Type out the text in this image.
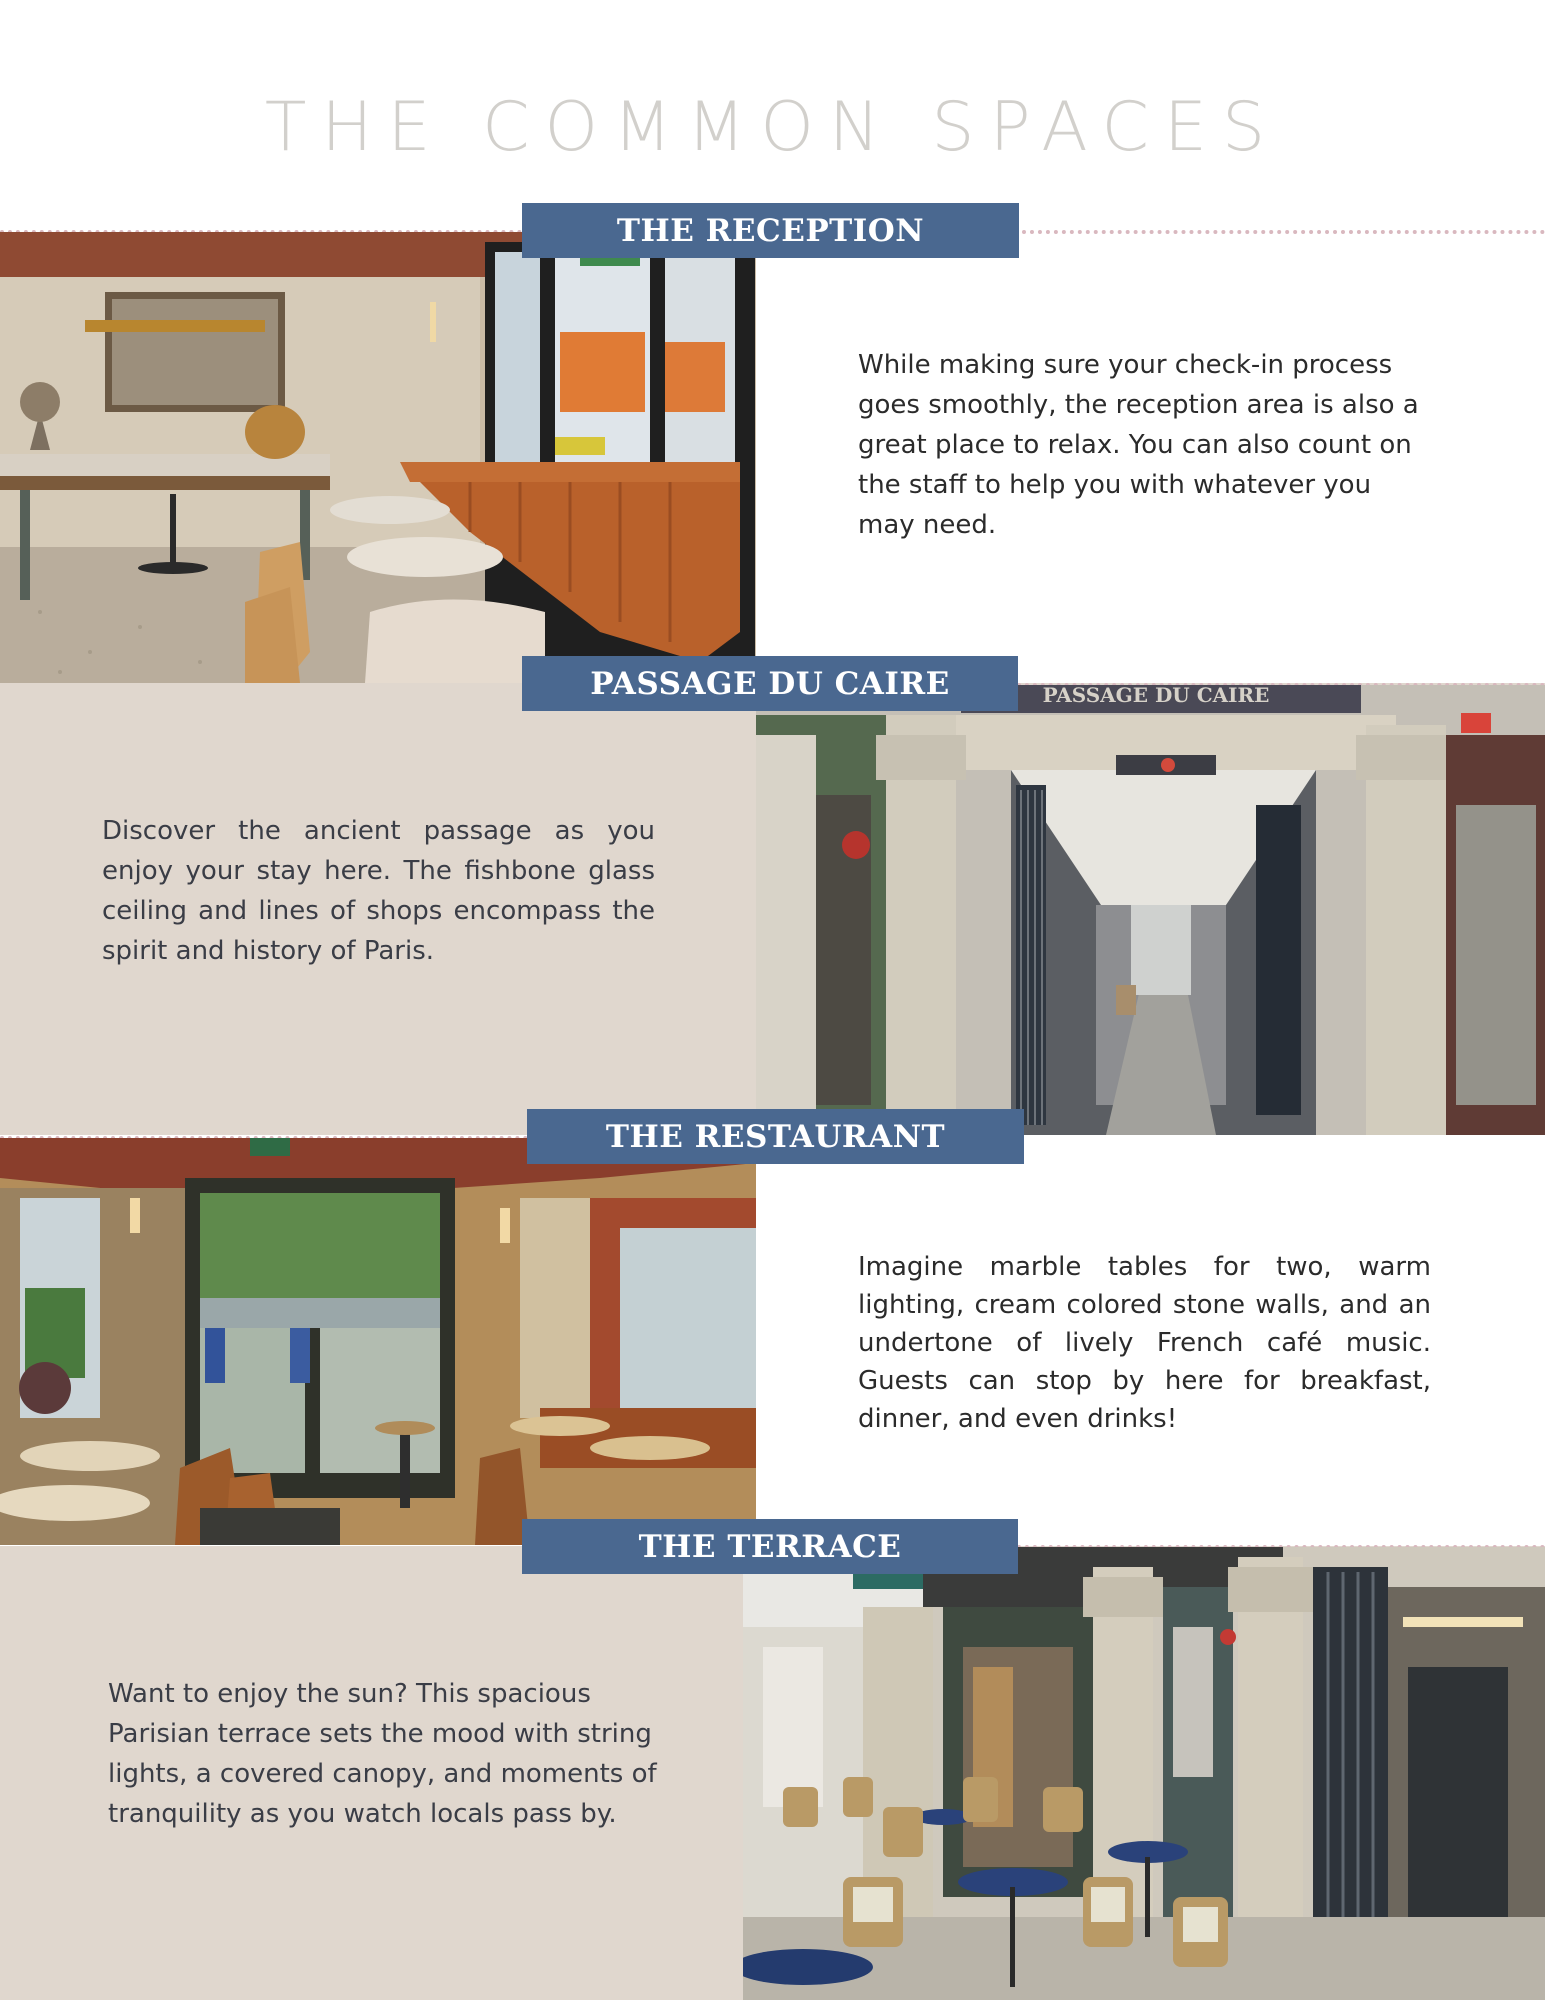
THE COMMON SPACES
PASSAGE DU CAIRE
THE RECEPTION
PASSAGE DU CAIRE
THE RESTAURANT
THE TERRACE

While making sure your check-in process goes smoothly, the reception area is also a great place to relax. You can also count on the staff to help you with whatever you may need.

Discover the ancient passage as you enjoy your stay here. The fishbone glass ceiling and lines of shops encompass the spirit and history of Paris.

Imagine marble tables for two, warm lighting, cream colored stone walls, and an undertone of lively French café music. Guests can stop by here for breakfast, dinner, and even drinks!

Want to enjoy the sun? This spacious Parisian terrace sets the mood with string lights, a covered canopy, and moments of tranquility as you watch locals pass by.
